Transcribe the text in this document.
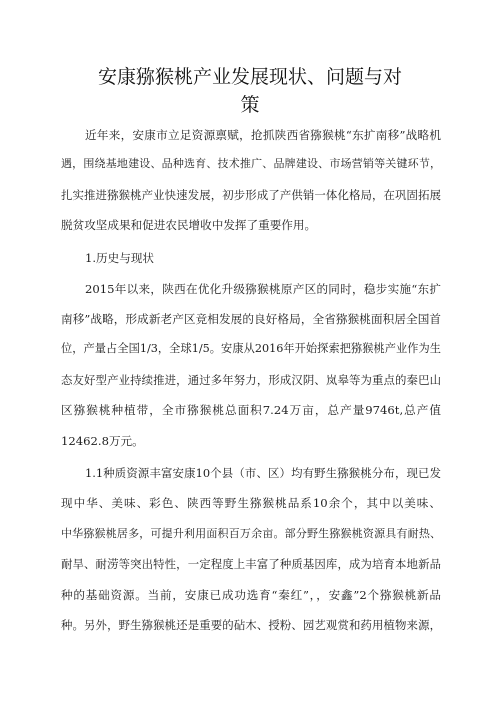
安康猕猴桃产业发展现状、问题与对
策

近年来，安康市立足资源禀赋，抢抓陕西省猕猴桃“东扩南移”战略机

遇，围绕基地建设、品种选育、技术推广、品牌建设、市场营销等关键环节，

扎实推进猕猴桃产业快速发展，初步形成了产供销一体化格局，在巩固拓展

脱贫攻坚成果和促进农民增收中发挥了重要作用。

1.历史与现状

2015年以来，陕西在优化升级猕猴桃原产区的同时，稳步实施“东扩

南移”战略，形成新老产区竞相发展的良好格局，全省猕猴桃面积居全国首

位，产量占全国1/3，全球1/5。安康从2016年开始探索把猕猴桃产业作为生

态友好型产业持续推进，通过多年努力，形成汉阴、岚皋等为重点的秦巴山

区猕猴桃种植带，全市猕猴桃总面积7.24万亩，总产量9746t,总产值

12462.8万元。

1.1种质资源丰富安康10个县（市、区）均有野生猕猴桃分布，现已发

现中华、美味、彩色、陕西等野生猕猴桃品系10余个，其中以美味、

中华猕猴桃居多，可提升利用面积百万余亩。部分野生猕猴桃资源具有耐热、

耐旱、耐涝等突出特性，一定程度上丰富了种质基因库，成为培育本地新品

种的基础资源。当前，安康已成功选育“秦红”，，安鑫”2个猕猴桃新品

种。另外，野生猕猴桃还是重要的砧木、授粉、园艺观赏和药用植物来源，
